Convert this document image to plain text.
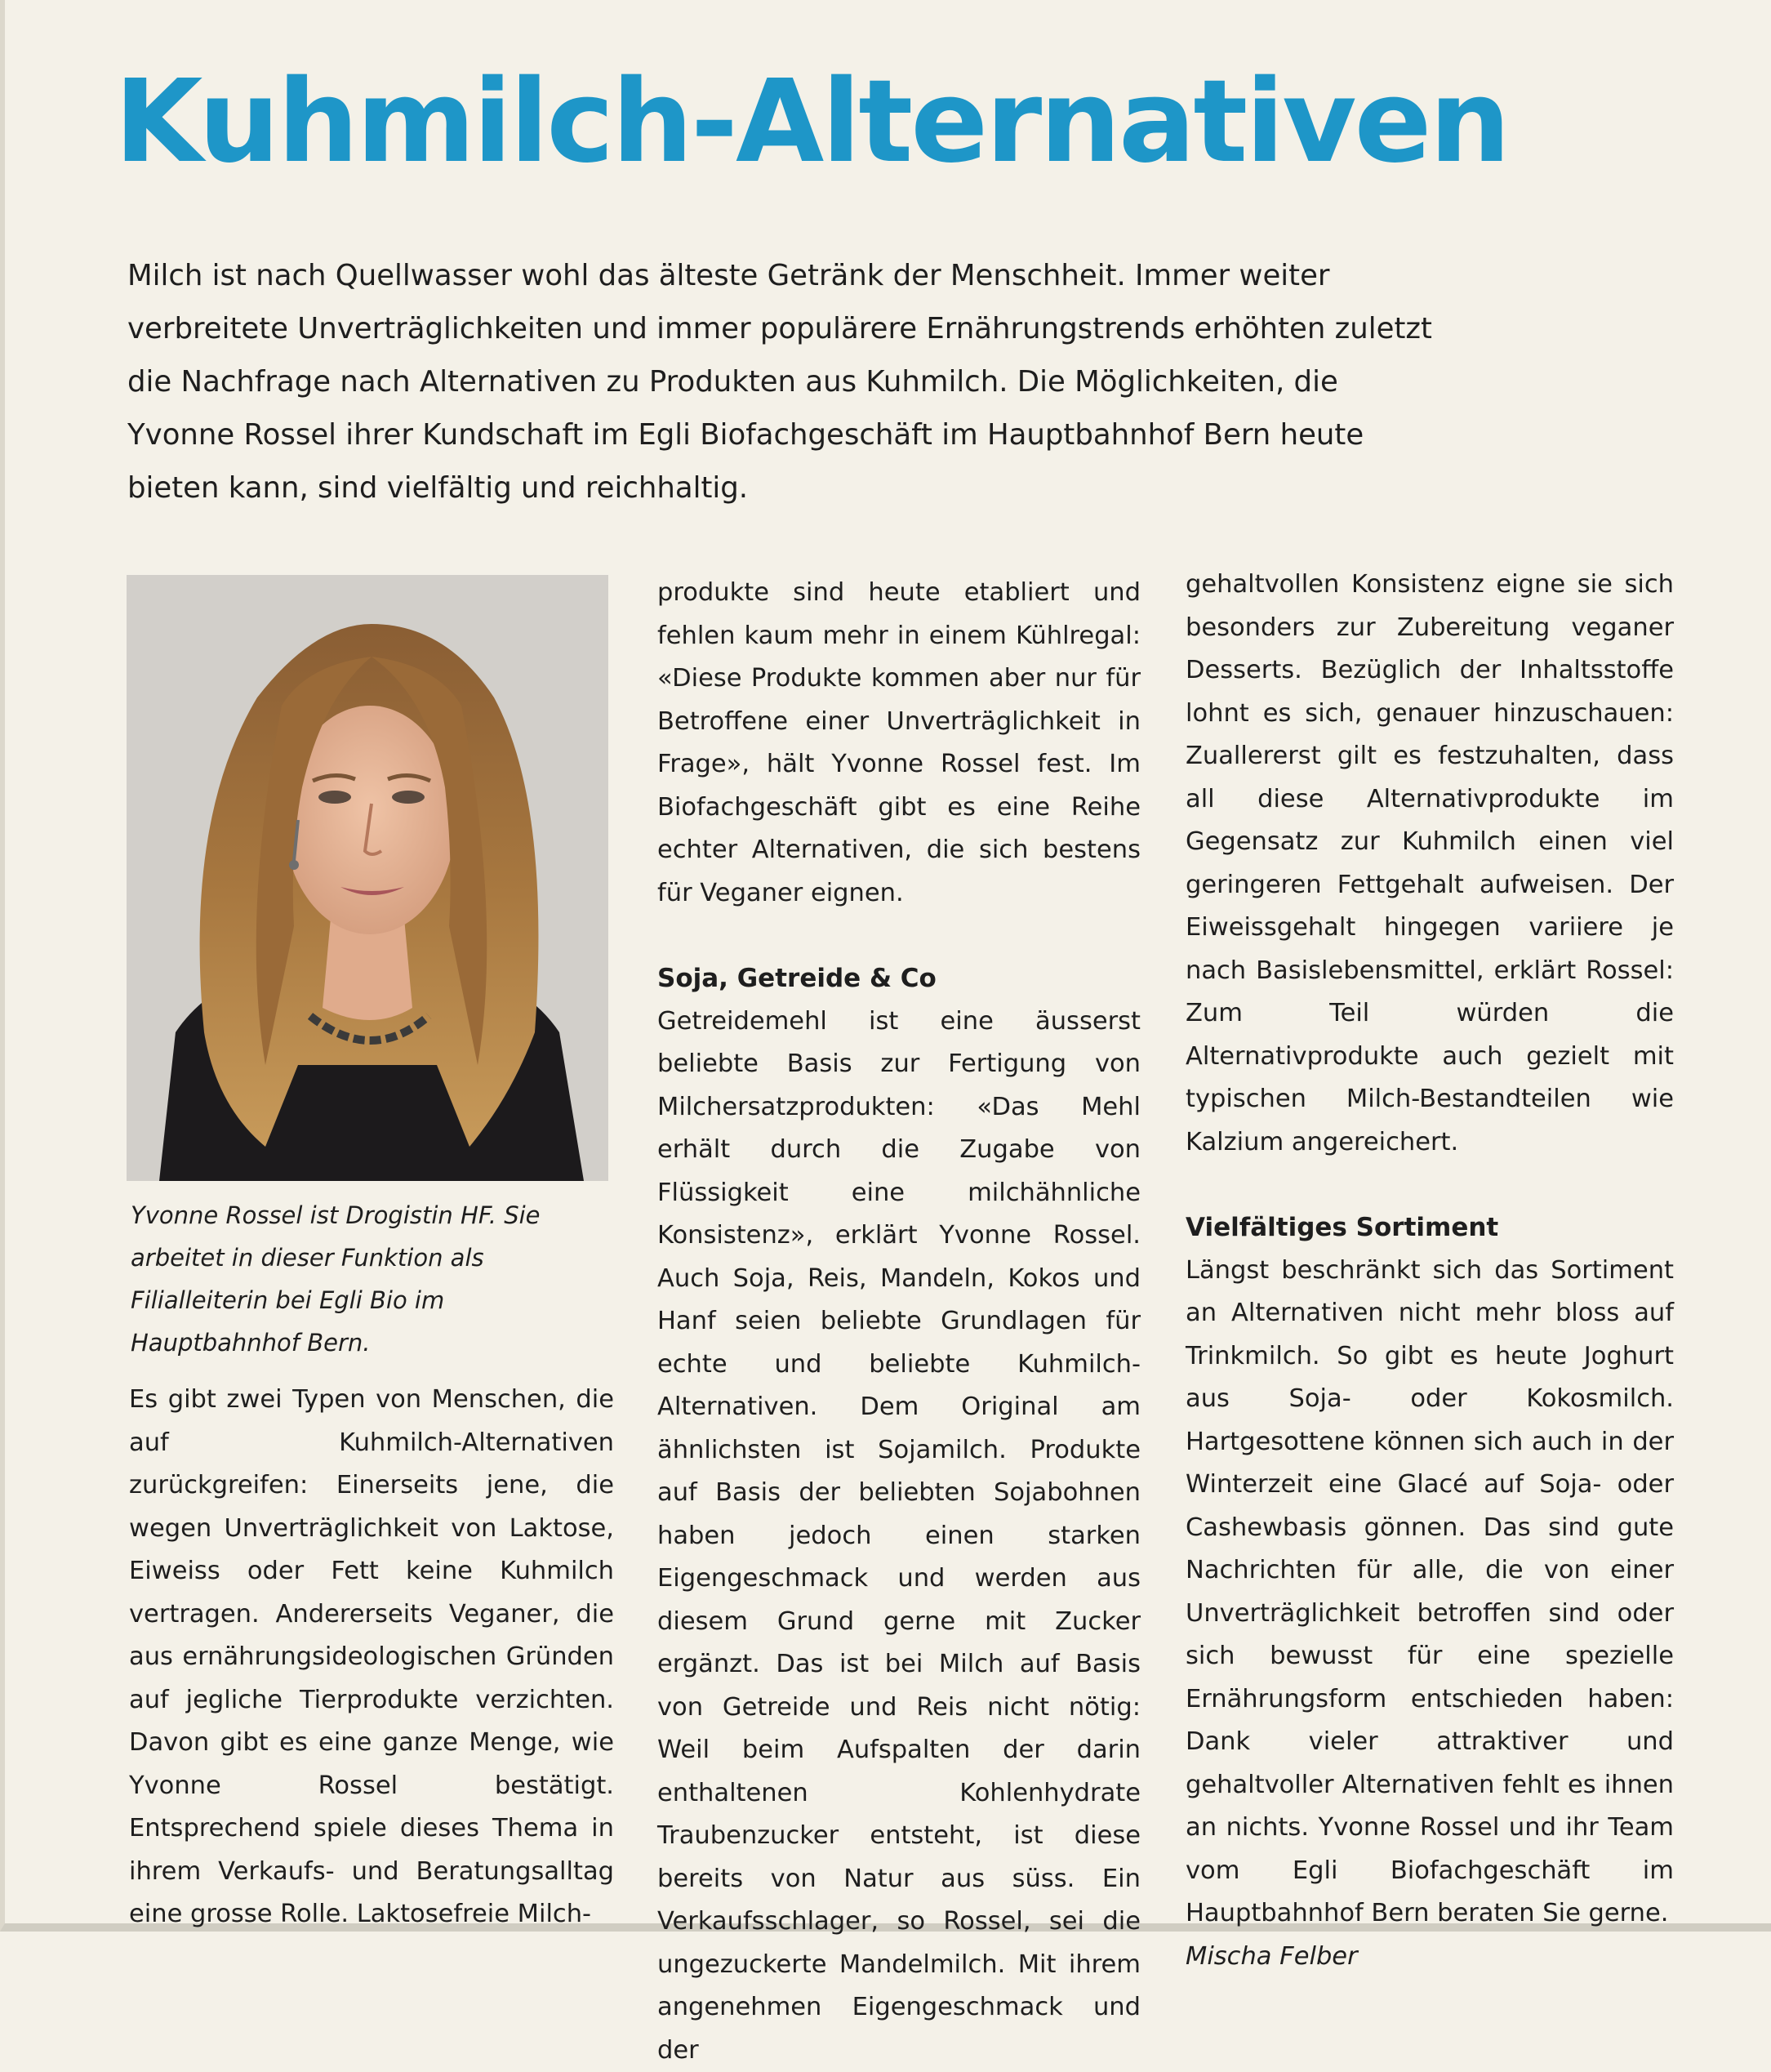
Kuhmilch-Alternativen

Milch ist nach Quellwasser wohl das älteste Getränk der Menschheit. Immer weiter verbreitete Unverträglichkeiten und immer populärere Ernährungstrends erhöhten zuletzt die Nachfrage nach Alternativen zu Produkten aus Kuhmilch. Die Möglichkeiten, die Yvonne Rossel ihrer Kundschaft im Egli Biofachgeschäft im Hauptbahnhof Bern heute bieten kann, sind vielfältig und reichhaltig.

Yvonne Rossel ist Drogistin HF. Sie arbeitet in dieser Funktion als Filialleiterin bei Egli Bio im Hauptbahnhof Bern.

Es gibt zwei Typen von Menschen, die auf Kuhmilch-Alternativen zurückgreifen: Einerseits jene, die wegen Unverträglichkeit von Laktose, Eiweiss oder Fett keine Kuhmilch vertragen. Andererseits Veganer, die aus ernährungsideologischen Gründen auf jegliche Tierprodukte verzichten. Davon gibt es eine ganze Menge, wie Yvonne Rossel bestätigt. Entsprechend spiele dieses Thema in ihrem Verkaufs- und Beratungsalltag eine grosse Rolle. Laktosefreie Milch-

produkte sind heute etabliert und fehlen kaum mehr in einem Kühlregal: «Diese Produkte kommen aber nur für Betroffene einer Unverträglichkeit in Frage», hält Yvonne Rossel fest. Im Biofachgeschäft gibt es eine Reihe echter Alternativen, die sich bestens für Veganer eignen.

Soja, Getreide & Co

Getreidemehl ist eine äusserst beliebte Basis zur Fertigung von Milchersatzprodukten: «Das Mehl erhält durch die Zugabe von Flüssigkeit eine milchähnliche Konsistenz», erklärt Yvonne Rossel. Auch Soja, Reis, Mandeln, Kokos und Hanf seien beliebte Grundlagen für echte und beliebte Kuhmilch-Alternativen. Dem Original am ähnlichsten ist Sojamilch. Produkte auf Basis der beliebten Sojabohnen haben jedoch einen starken Eigengeschmack und werden aus diesem Grund gerne mit Zucker ergänzt. Das ist bei Milch auf Basis von Getreide und Reis nicht nötig: Weil beim Aufspalten der darin enthaltenen Kohlenhydrate Traubenzucker entsteht, ist diese bereits von Natur aus süss. Ein Verkaufsschlager, so Rossel, sei die ungezuckerte Mandelmilch. Mit ihrem angenehmen Eigengeschmack und der

gehaltvollen Konsistenz eigne sie sich besonders zur Zubereitung veganer Desserts. Bezüglich der Inhaltsstoffe lohnt es sich, genauer hinzuschauen: Zuallererst gilt es festzuhalten, dass all diese Alternativprodukte im Gegensatz zur Kuhmilch einen viel geringeren Fettgehalt aufweisen. Der Eiweissgehalt hingegen variiere je nach Basislebensmittel, erklärt Rossel: Zum Teil würden die Alternativprodukte auch gezielt mit typischen Milch-Bestandteilen wie Kalzium angereichert.

Vielfältiges Sortiment

Längst beschränkt sich das Sortiment an Alternativen nicht mehr bloss auf Trinkmilch. So gibt es heute Joghurt aus Soja- oder Kokosmilch. Hartgesottene können sich auch in der Winterzeit eine Glacé auf Soja- oder Cashewbasis gönnen. Das sind gute Nachrichten für alle, die von einer Unverträglichkeit betroffen sind oder sich bewusst für eine spezielle Ernährungsform entschieden haben: Dank vieler attraktiver und gehaltvoller Alternativen fehlt es ihnen an nichts. Yvonne Rossel und ihr Team vom Egli Biofachgeschäft im Hauptbahnhof Bern beraten Sie gerne.

Mischa Felber
